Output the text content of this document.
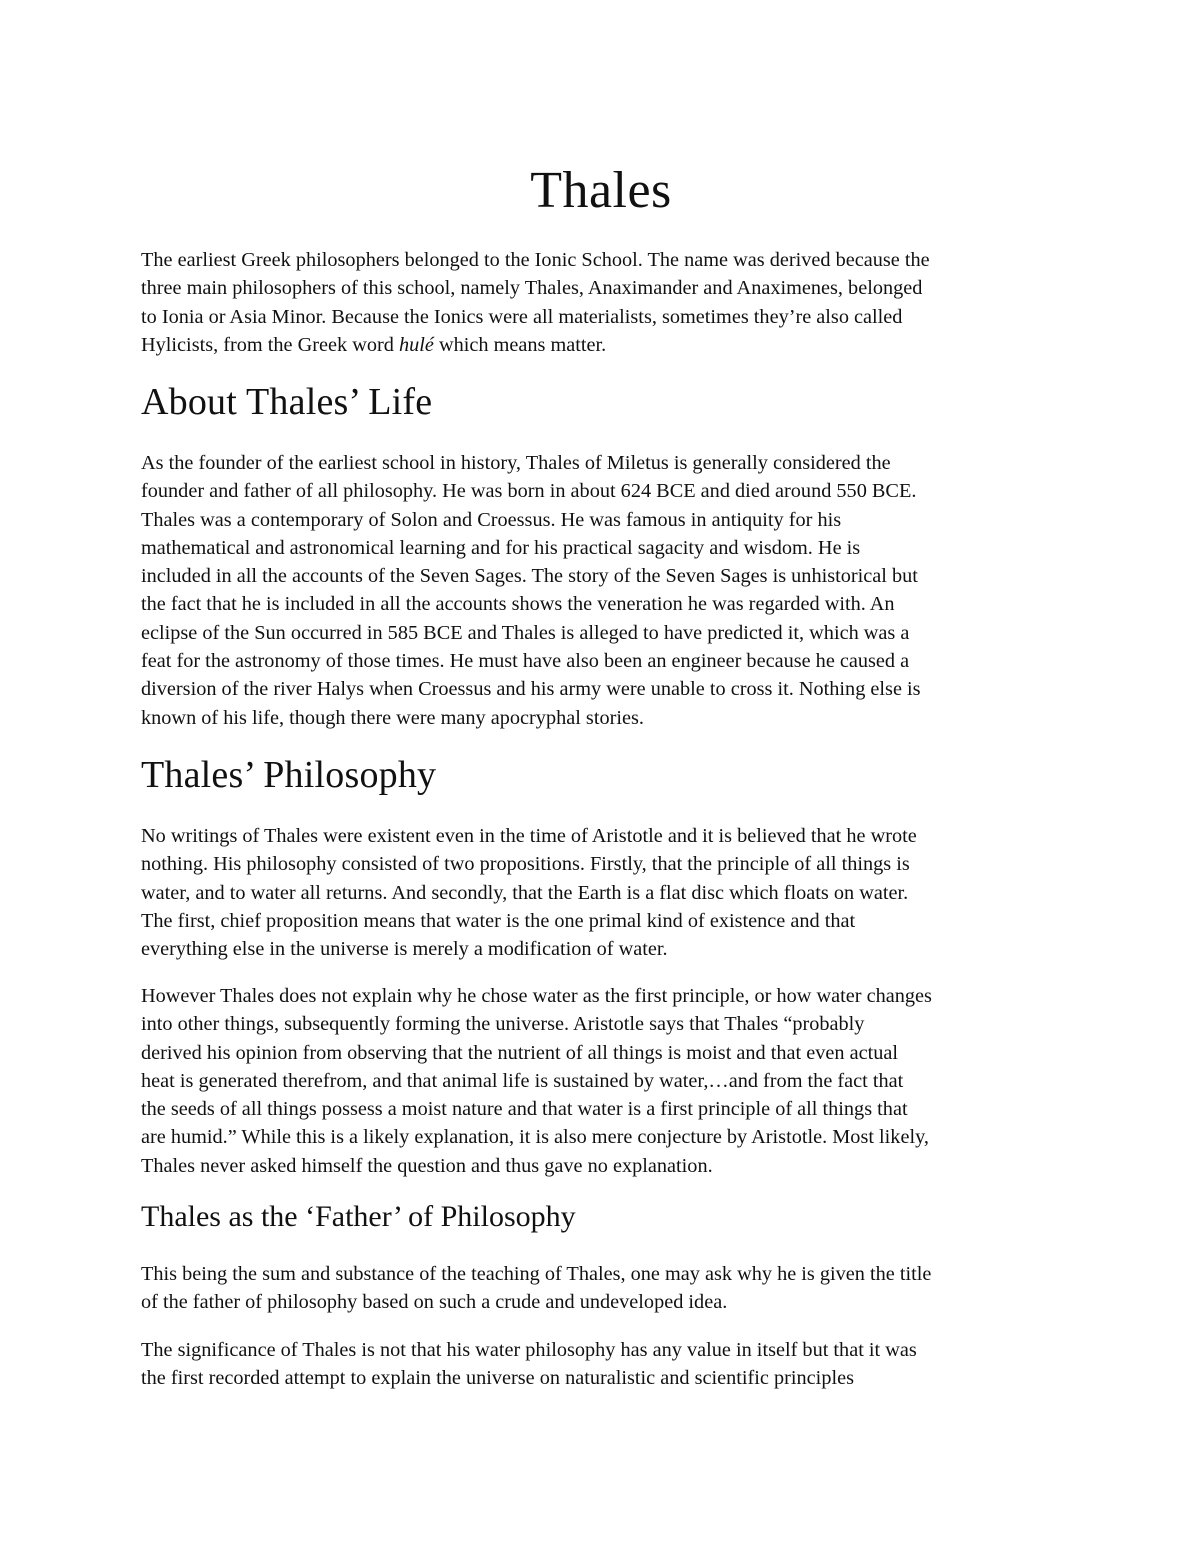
Thales

The earliest Greek philosophers belonged to the Ionic School. The name was derived because the
three main philosophers of this school, namely Thales, Anaximander and Anaximenes, belonged
to Ionia or Asia Minor. Because the Ionics were all materialists, sometimes they’re also called
Hylicists, from the Greek word hulé which means matter.

About Thales’ Life

As the founder of the earliest school in history, Thales of Miletus is generally considered the
founder and father of all philosophy. He was born in about 624 BCE and died around 550 BCE.
Thales was a contemporary of Solon and Croessus. He was famous in antiquity for his
mathematical and astronomical learning and for his practical sagacity and wisdom. He is
included in all the accounts of the Seven Sages. The story of the Seven Sages is unhistorical but
the fact that he is included in all the accounts shows the veneration he was regarded with. An
eclipse of the Sun occurred in 585 BCE and Thales is alleged to have predicted it, which was a
feat for the astronomy of those times. He must have also been an engineer because he caused a
diversion of the river Halys when Croessus and his army were unable to cross it. Nothing else is
known of his life, though there were many apocryphal stories.

Thales’ Philosophy

No writings of Thales were existent even in the time of Aristotle and it is believed that he wrote
nothing. His philosophy consisted of two propositions. Firstly, that the principle of all things is
water, and to water all returns. And secondly, that the Earth is a flat disc which floats on water.
The first, chief proposition means that water is the one primal kind of existence and that
everything else in the universe is merely a modification of water.

However Thales does not explain why he chose water as the first principle, or how water changes
into other things, subsequently forming the universe. Aristotle says that Thales “probably
derived his opinion from observing that the nutrient of all things is moist and that even actual
heat is generated therefrom, and that animal life is sustained by water,…and from the fact that
the seeds of all things possess a moist nature and that water is a first principle of all things that
are humid.” While this is a likely explanation, it is also mere conjecture by Aristotle. Most likely,
Thales never asked himself the question and thus gave no explanation.

Thales as the ‘Father’ of Philosophy

This being the sum and substance of the teaching of Thales, one may ask why he is given the title
of the father of philosophy based on such a crude and undeveloped idea.

The significance of Thales is not that his water philosophy has any value in itself but that it was
the first recorded attempt to explain the universe on naturalistic and scientific principles
